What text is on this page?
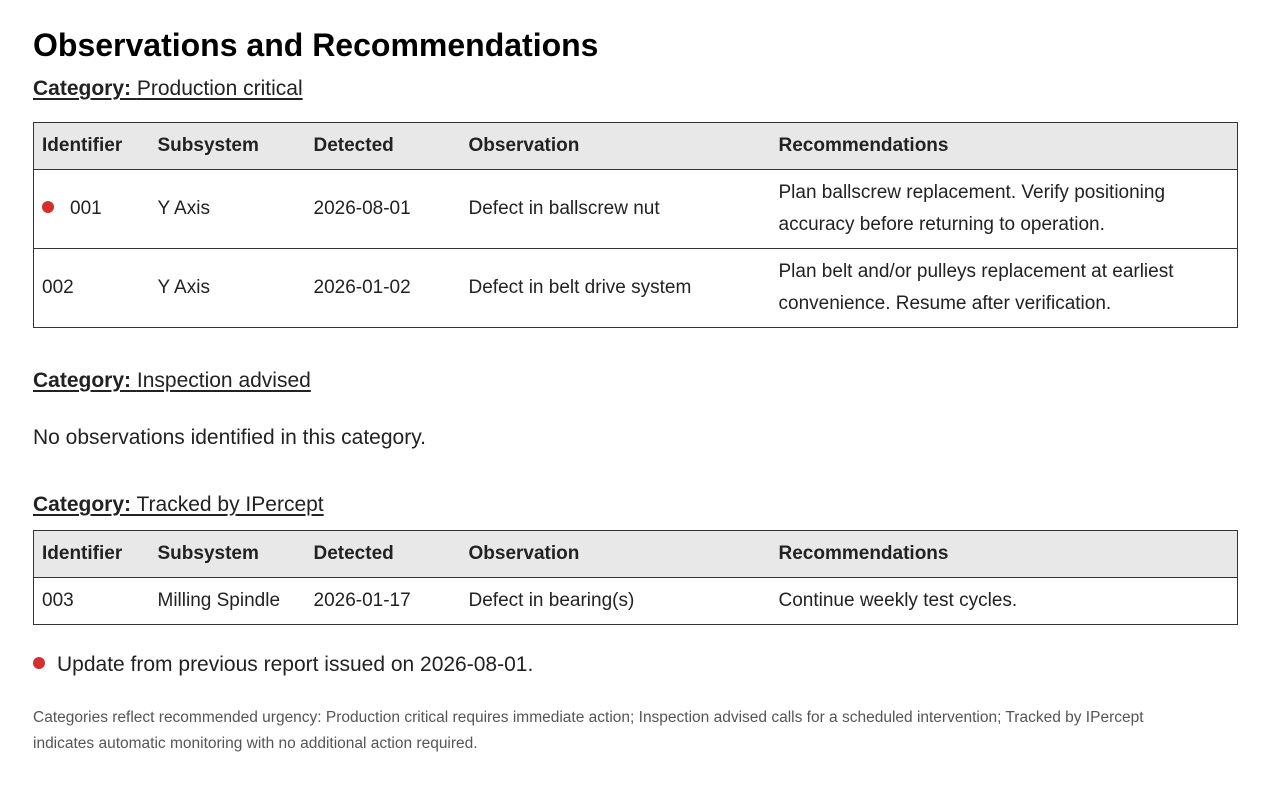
Observations and Recommendations

Category: Production critical

Identifier	Subsystem	Detected	Observation	Recommendations
001	Y Axis	2026-08-01	Defect in ballscrew nut	Plan ballscrew replacement. Verify positioning accuracy before returning to operation.
002	Y Axis	2026-01-02	Defect in belt drive system	Plan belt and/or pulleys replacement at earliest convenience. Resume after verification.

Category: Inspection advised

No observations identified in this category.

Category: Tracked by IPercept

Identifier	Subsystem	Detected	Observation	Recommendations
003	Milling Spindle	2026-01-17	Defect in bearing(s)	Continue weekly test cycles.
Update from previous report issued on 2026-08-01.
Categories reflect recommended urgency: Production critical requires immediate action; Inspection advised calls for a scheduled intervention; Tracked by IPercept indicates automatic monitoring with no additional action required.
